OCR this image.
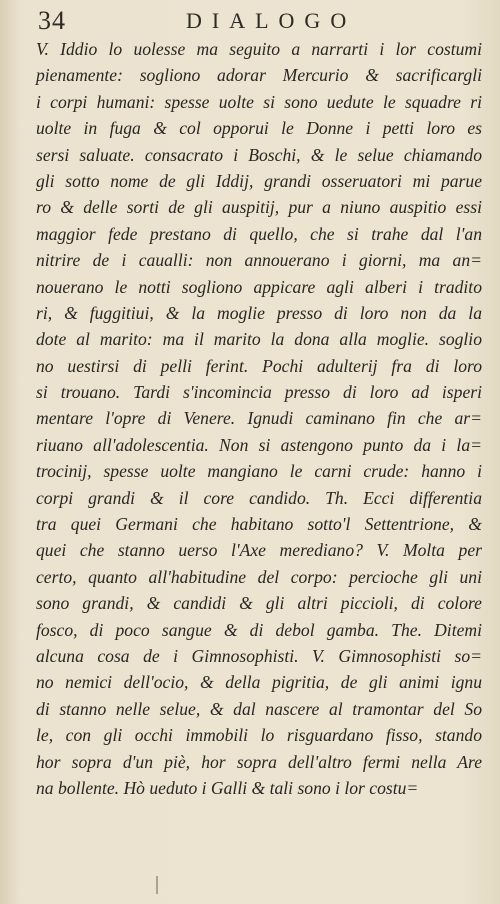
34	DIALOGO
V. Iddio lo uolesse ma seguito a narrarti i lor costumi
pienamente: sogliono adorar Mercurio & sacrificargli
i corpi humani: spesse uolte si sono uedute le squadre ri
uolte in fuga & col opporui le Donne i petti loro es
sersi saluate. consacrato i Boschi, & le selue chiamando
gli sotto nome de gli Iddij, grandi osseruatori mi parue
ro & delle sorti de gli auspitij, pur a niuno auspitio essi
maggior fede prestano di quello, che si trahe dal l'an
nitrire de i caualli: non annouerano i giorni, ma an=
nouerano le notti sogliono appicare agli alberi i tradito
ri, & fuggitiui, & la moglie presso di loro non da la
dote al marito: ma il marito la dona alla moglie. soglio
no uestirsi di pelli ferint. Pochi adulterij fra di loro
si trouano. Tardi s'incomincia presso di loro ad isperi
mentare l'opre di Venere. Ignudi caminano fin che ar=
riuano all'adolescentia. Non si astengono punto da i la=
trocinij, spesse uolte mangiano le carni crude: hanno i
corpi grandi & il core candido. Th. Ecci differentia
tra quei Germani che habitano sotto'l Settentrione, &
quei che stanno uerso l'Axe merediano? V. Molta per
certo, quanto all'habitudine del corpo: percioche gli uni
sono grandi, & candidi & gli altri piccioli, di colore
fosco, di poco sangue & di debol gamba. The. Ditemi
alcuna cosa de i Gimnosophisti. V. Gimnosophisti so=
no nemici dell'ocio, & della pigritia, de gli animi ignu
di stanno nelle selue, & dal nascere al tramontar del So
le, con gli occhi immobili lo risguardano fisso, stando
hor sopra d'un piè, hor sopra dell'altro fermi nella Are
na bollente. Hò ueduto i Galli & tali sono i lor costu=
